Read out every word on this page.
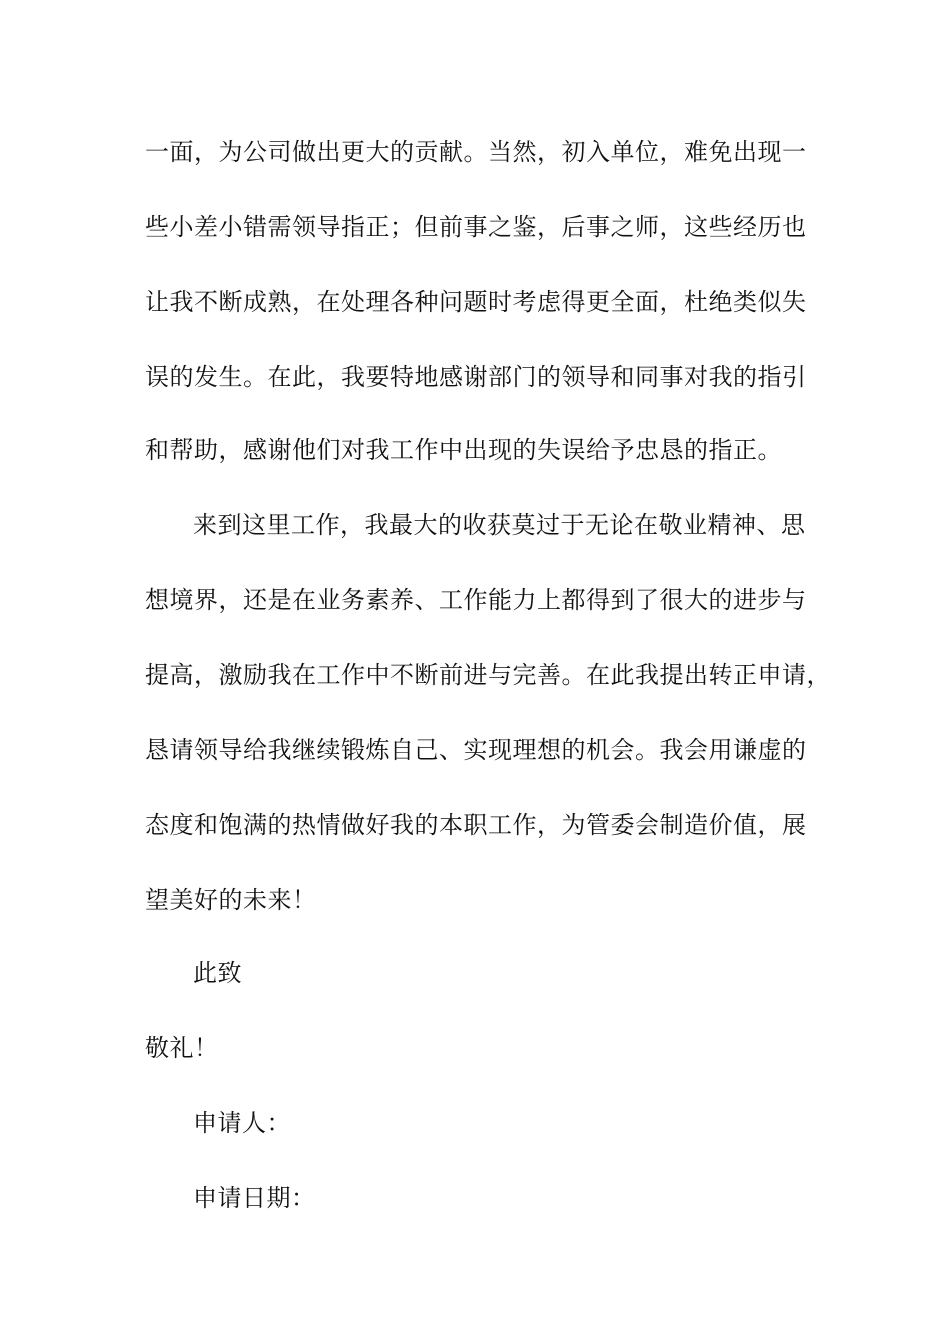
一面，为公司做出更大的贡献。当然，初入单位，难免出现一
些小差小错需领导指正；但前事之鉴，后事之师，这些经历也
让我不断成熟，在处理各种问题时考虑得更全面，杜绝类似失
误的发生。在此，我要特地感谢部门的领导和同事对我的指引
和帮助，感谢他们对我工作中出现的失误给予忠恳的指正。
来到这里工作，我最大的收获莫过于无论在敬业精神、思
想境界，还是在业务素养、工作能力上都得到了很大的进步与
提高，激励我在工作中不断前进与完善。在此我提出转正申请，
恳请领导给我继续锻炼自己、实现理想的机会。我会用谦虚的
态度和饱满的热情做好我的本职工作，为管委会制造价值，展
望美好的未来！
此致
敬礼！
申请人：
申请日期：
